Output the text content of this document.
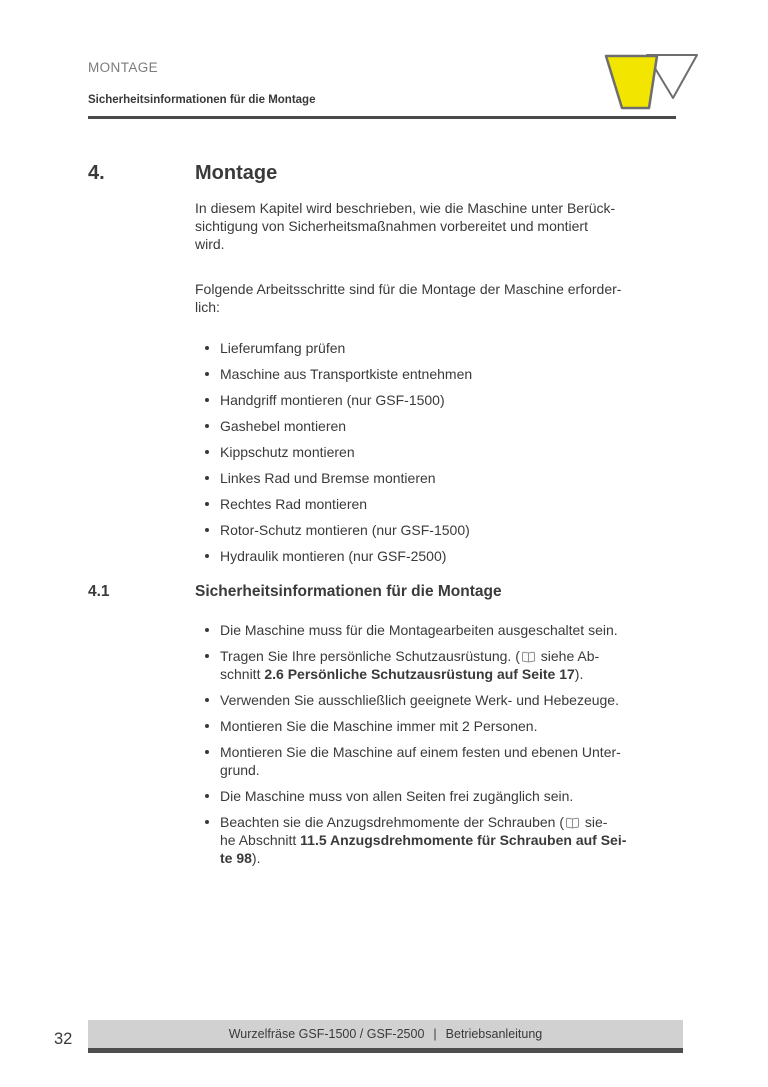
MONTAGE
Sicherheitsinformationen für die Montage
4.	Montage

In diesem Kapitel wird beschrieben, wie die Maschine unter Berück-
sichtigung von Sicherheitsmaßnahmen vorbereitet und montiert
wird.

Folgende Arbeitsschritte sind für die Montage der Maschine erforder-
lich:

Lieferumfang prüfen
Maschine aus Transportkiste entnehmen
Handgriff montieren (nur GSF-1500)
Gashebel montieren
Kippschutz montieren
Linkes Rad und Bremse montieren
Rechtes Rad montieren
Rotor-Schutz montieren (nur GSF-1500)
Hydraulik montieren (nur GSF-2500)
4.1	Sicherheitsinformationen für die Montage
Die Maschine muss für die Montagearbeiten ausgeschaltet sein.
Tragen Sie Ihre persönliche Schutzausrüstung. ( siehe Ab-
schnitt 2.6 Persönliche Schutzausrüstung auf Seite 17).
Verwenden Sie ausschließlich geeignete Werk- und Hebezeuge.
Montieren Sie die Maschine immer mit 2 Personen.
Montieren Sie die Maschine auf einem festen und ebenen Unter-
grund.
Die Maschine muss von allen Seiten frei zugänglich sein.
Beachten sie die Anzugsdrehmomente der Schrauben ( sie-
he Abschnitt 11.5 Anzugsdrehmomente für Schrauben auf Sei-
te 98).
32	Wurzelfräse GSF-1500 / GSF-2500 | Betriebsanleitung
